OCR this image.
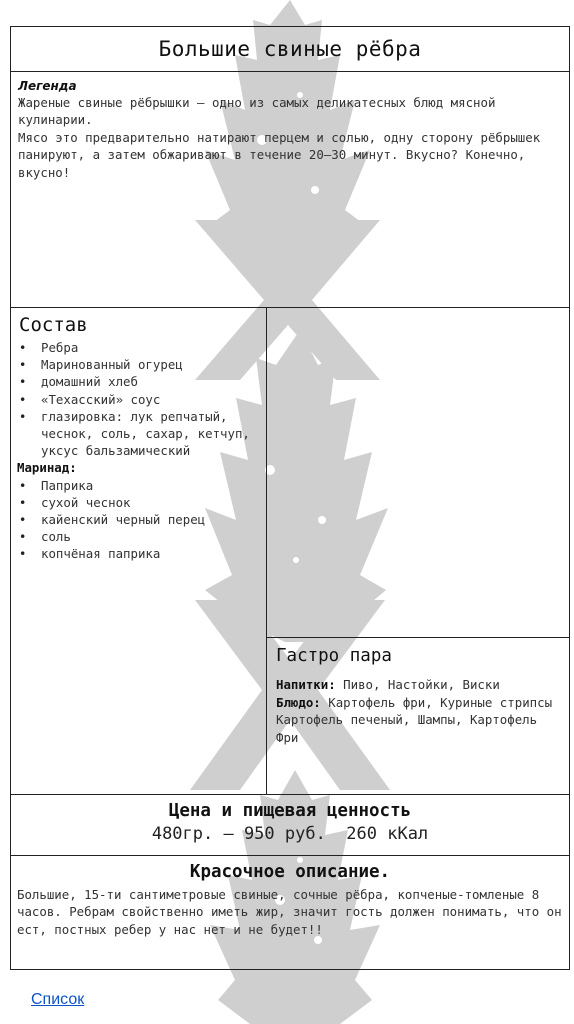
Большие свиные рёбра
Легенда
Жареные свиные рёбрышки – одно из самых деликатесных блюд мясной кулинарии.
Мясо это предварительно натирают перцем и солью, одну сторону рёбрышек панируют, а затем обжаривают в течение 20–30 минут. Вкусно? Конечно, вкусно!
Состав
• Ребра
• Маринованный огурец
• домашний хлеб
• «Техасский» соус
• глазировка: лук репчатый, чеснок, соль, сахар, кетчуп, уксус бальзамический
Маринад:
• Паприка
• сухой чеснок
• кайенский черный перец
• соль
• копчёная паприка
Гастро пара
Напитки: Пиво, Настойки, Виски
Блюдо: Картофель фри, Куриные стрипсы Картофель печеный, Шампы, Картофель Фри
Цена и пищевая ценность
480гр. – 950 руб.  260 кКал
Красочное описание.
Большие, 15-ти сантиметровые свиные, сочные рёбра, копченые-томленые 8 часов. Ребрам свойственно иметь жир, значит гость должен понимать, что он ест, постных ребер у нас нет и не будет!!
Список
